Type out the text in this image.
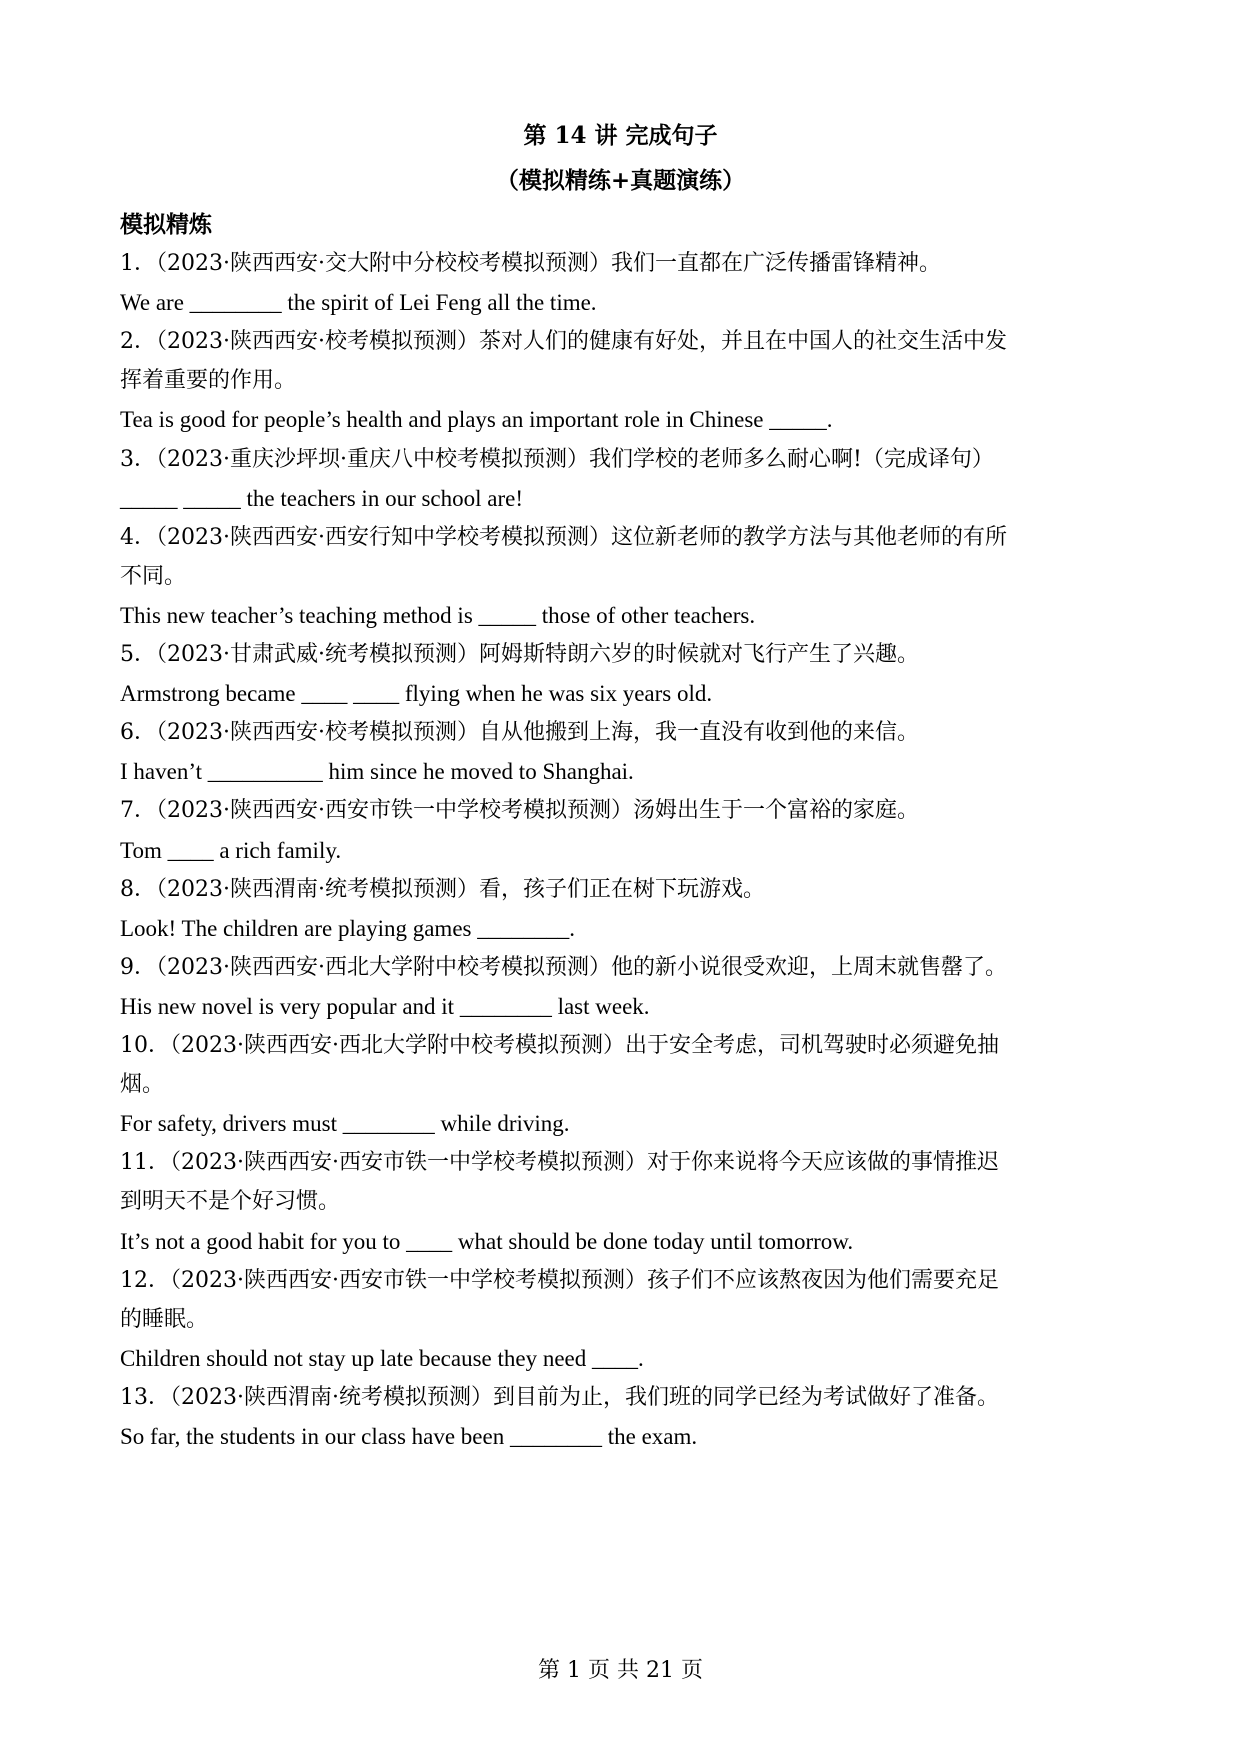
第 14 讲 完成句子
（模拟精练+真题演练）
模拟精炼
1．（2023·陕西西安·交大附中分校校考模拟预测）我们一直都在广泛传播雷锋精神。
We are ________ the spirit of Lei Feng all the time.
2．（2023·陕西西安·校考模拟预测）茶对人们的健康有好处，并且在中国人的社交生活中发
挥着重要的作用。
Tea is good for people’s health and plays an important role in Chinese _____.
3．（2023·重庆沙坪坝·重庆八中校考模拟预测）我们学校的老师多么耐心啊!（完成译句）
_____ _____ the teachers in our school are!
4．（2023·陕西西安·西安行知中学校考模拟预测）这位新老师的教学方法与其他老师的有所
不同。
This new teacher’s teaching method is _____ those of other teachers.
5．（2023·甘肃武威·统考模拟预测）阿姆斯特朗六岁的时候就对飞行产生了兴趣。
Armstrong became ____ ____ flying when he was six years old.
6．（2023·陕西西安·校考模拟预测）自从他搬到上海，我一直没有收到他的来信。
I haven’t __________ him since he moved to Shanghai.
7．（2023·陕西西安·西安市铁一中学校考模拟预测）汤姆出生于一个富裕的家庭。
Tom ____ a rich family.
8．（2023·陕西渭南·统考模拟预测）看，孩子们正在树下玩游戏。
Look! The children are playing games ________.
9．（2023·陕西西安·西北大学附中校考模拟预测）他的新小说很受欢迎，上周末就售罄了。
His new novel is very popular and it ________ last week.
10．（2023·陕西西安·西北大学附中校考模拟预测）出于安全考虑，司机驾驶时必须避免抽
烟。
For safety, drivers must ________ while driving.
11．（2023·陕西西安·西安市铁一中学校考模拟预测）对于你来说将今天应该做的事情推迟
到明天不是个好习惯。
It’s not a good habit for you to ____ what should be done today until tomorrow.
12．（2023·陕西西安·西安市铁一中学校考模拟预测）孩子们不应该熬夜因为他们需要充足
的睡眠。
Children should not stay up late because they need ____.
13．（2023·陕西渭南·统考模拟预测）到目前为止，我们班的同学已经为考试做好了准备。
So far, the students in our class have been ________ the exam.
第 1 页 共 21 页
